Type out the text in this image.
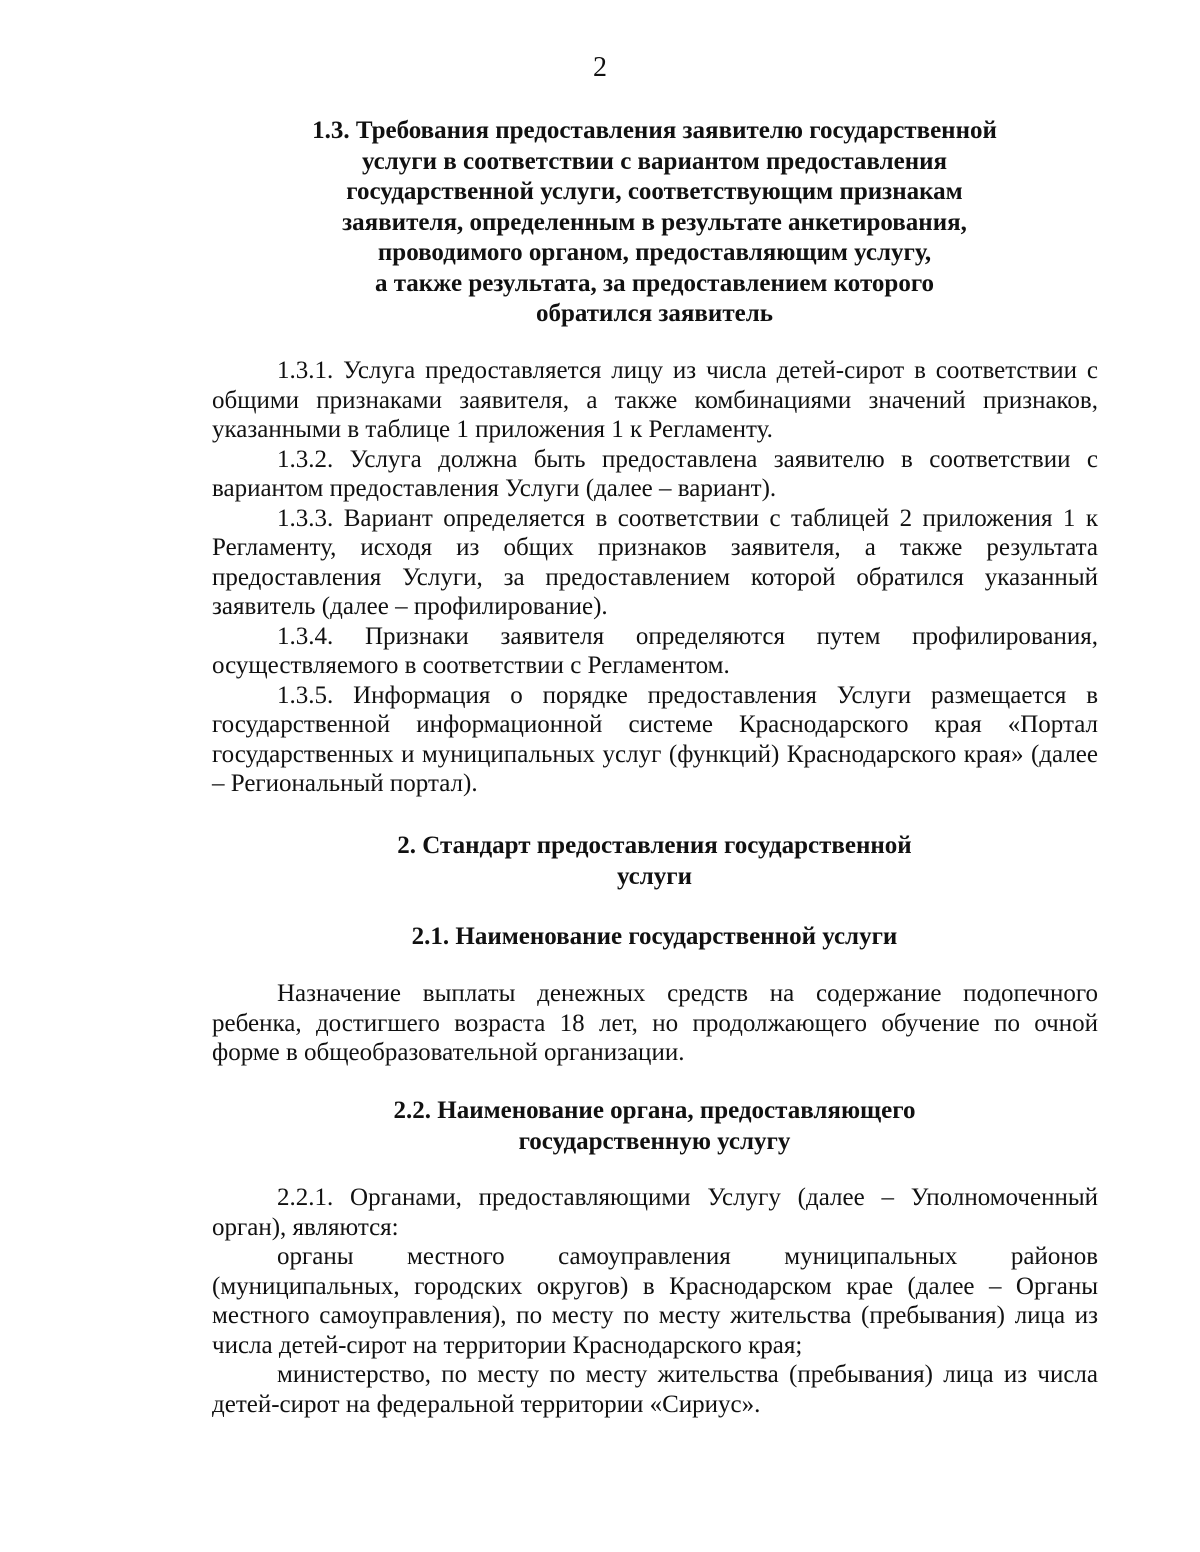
2
1.3. Требования предоставления заявителю государственной
услуги в соответствии с вариантом предоставления
государственной услуги, соответствующим признакам
заявителя, определенным в результате анкетирования,
проводимого органом, предоставляющим услугу,
а также результата, за предоставлением которого
обратился заявитель

1.3.1. Услуга предоставляется лицу из числа детей-сирот в соответствии с общими признаками заявителя, а также комбинациями значений признаков, указанными в таблице 1 приложения 1 к Регламенту.

1.3.2. Услуга должна быть предоставлена заявителю в соответствии с вариантом предоставления Услуги (далее – вариант).

1.3.3. Вариант определяется в соответствии с таблицей 2 приложения 1 к Регламенту, исходя из общих признаков заявителя, а также результата предоставления Услуги, за предоставлением которой обратился указанный заявитель (далее – профилирование).

1.3.4. Признаки заявителя определяются путем профилирования, осуществляемого в соответствии с Регламентом.

1.3.5. Информация о порядке предоставления Услуги размещается в государственной информационной системе Краснодарского края «Портал государственных и муниципальных услуг (функций) Краснодарского края» (далее – Региональный портал).

2. Стандарт предоставления государственной
услуги
2.1. Наименование государственной услуги

Назначение выплаты денежных средств на содержание подопечного ребенка, достигшего возраста 18 лет, но продолжающего обучение по очной форме в общеобразовательной организации.

2.2. Наименование органа, предоставляющего
государственную услугу

2.2.1. Органами, предоставляющими Услугу (далее – Уполномоченный орган), являются:

органы местного самоуправления муниципальных районов (муниципальных, городских округов) в Краснодарском крае (далее – Органы местного самоуправления), по месту по месту жительства (пребывания) лица из числа детей-сирот на территории Краснодарского края;

министерство, по месту по месту жительства (пребывания) лица из числа детей-сирот на федеральной территории «Сириус».
